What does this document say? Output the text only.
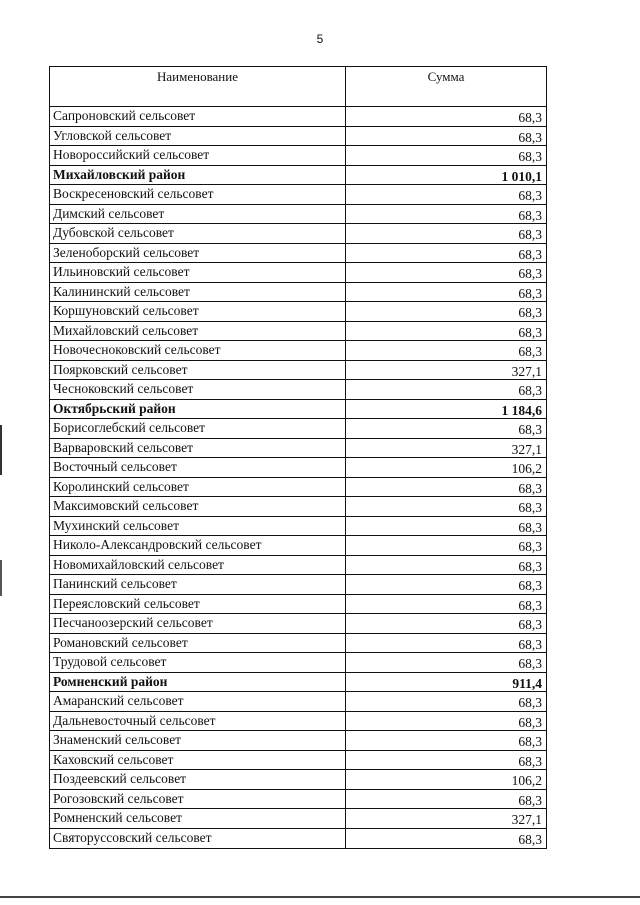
5
Наименование	Сумма
Сапроновский сельсовет	68,3
Угловской сельсовет	68,3
Новороссийский сельсовет	68,3
Михайловский район	1 010,1
Воскресеновский сельсовет	68,3
Димский сельсовет	68,3
Дубовской сельсовет	68,3
Зеленоборский сельсовет	68,3
Ильиновский сельсовет	68,3
Калининский сельсовет	68,3
Коршуновский сельсовет	68,3
Михайловский сельсовет	68,3
Новочесноковский сельсовет	68,3
Поярковский сельсовет	327,1
Чесноковский сельсовет	68,3
Октябрьский район	1 184,6
Борисоглебский сельсовет	68,3
Варваровский сельсовет	327,1
Восточный сельсовет	106,2
Королинский сельсовет	68,3
Максимовский сельсовет	68,3
Мухинский сельсовет	68,3
Николо-Александровский сельсовет	68,3
Новомихайловский сельсовет	68,3
Панинский сельсовет	68,3
Переясловский сельсовет	68,3
Песчаноозерский сельсовет	68,3
Романовский сельсовет	68,3
Трудовой сельсовет	68,3
Ромненский район	911,4
Амаранский сельсовет	68,3
Дальневосточный сельсовет	68,3
Знаменский сельсовет	68,3
Каховский сельсовет	68,3
Поздеевский сельсовет	106,2
Рогозовский сельсовет	68,3
Ромненский сельсовет	327,1
Святоруссовский сельсовет	68,3
